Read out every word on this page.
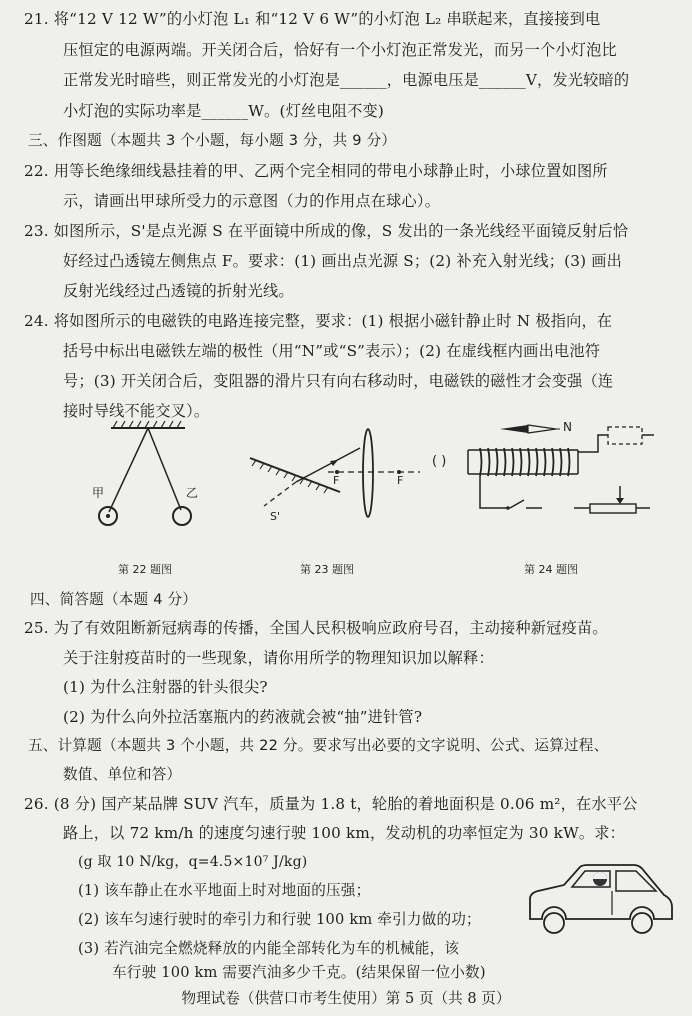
21. 将“12 V 12 W”的小灯泡 L₁ 和“12 V 6 W”的小灯泡 L₂ 串联起来，直接接到电
压恒定的电源两端。开关闭合后，恰好有一个小灯泡正常发光，而另一个小灯泡比
正常发光时暗些，则正常发光的小灯泡是______，电源电压是______V，发光较暗的
小灯泡的实际功率是______W。(灯丝电阻不变)
三、作图题（本题共 3 个小题，每小题 3 分，共 9 分）
22. 用等长绝缘细线悬挂着的甲、乙两个完全相同的带电小球静止时，小球位置如图所
示，请画出甲球所受力的示意图（力的作用点在球心）。
23. 如图所示，S'是点光源 S 在平面镜中所成的像，S 发出的一条光线经平面镜反射后恰
好经过凸透镜左侧焦点 F。要求：(1) 画出点光源 S；(2) 补充入射光线；(3) 画出
反射光线经过凸透镜的折射光线。
24. 将如图所示的电磁铁的电路连接完整，要求：(1) 根据小磁针静止时 N 极指向，在
括号中标出电磁铁左端的极性（用“N”或“S”表示）；(2) 在虚线框内画出电池符
号；(3) 开关闭合后，变阻器的滑片只有向右移动时，电磁铁的磁性才会变强（连
接时导线不能交叉）。
甲	乙
F	F
S'
( )
N
第 22 题图	第 23 题图	第 24 题图
四、简答题（本题 4 分）
25. 为了有效阻断新冠病毒的传播，全国人民积极响应政府号召，主动接种新冠疫苗。
关于注射疫苗时的一些现象，请你用所学的物理知识加以解释：
(1) 为什么注射器的针头很尖?
(2) 为什么向外拉活塞瓶内的药液就会被“抽”进针管?
五、计算题（本题共 3 个小题，共 22 分。要求写出必要的文字说明、公式、运算过程、
数值、单位和答）
26. (8 分) 国产某品牌 SUV 汽车，质量为 1.8 t，轮胎的着地面积是 0.06 m²，在水平公
路上，以 72 km/h 的速度匀速行驶 100 km，发动机的功率恒定为 30 kW。求：
(g 取 10 N/kg，q=4.5×10⁷ J/kg)
(1) 该车静止在水平地面上时对地面的压强；
(2) 该车匀速行驶时的牵引力和行驶 100 km 牵引力做的功；
(3) 若汽油完全燃烧释放的内能全部转化为车的机械能，该
车行驶 100 km 需要汽油多少千克。(结果保留一位小数)
物理试卷（供营口市考生使用）第 5 页（共 8 页）
